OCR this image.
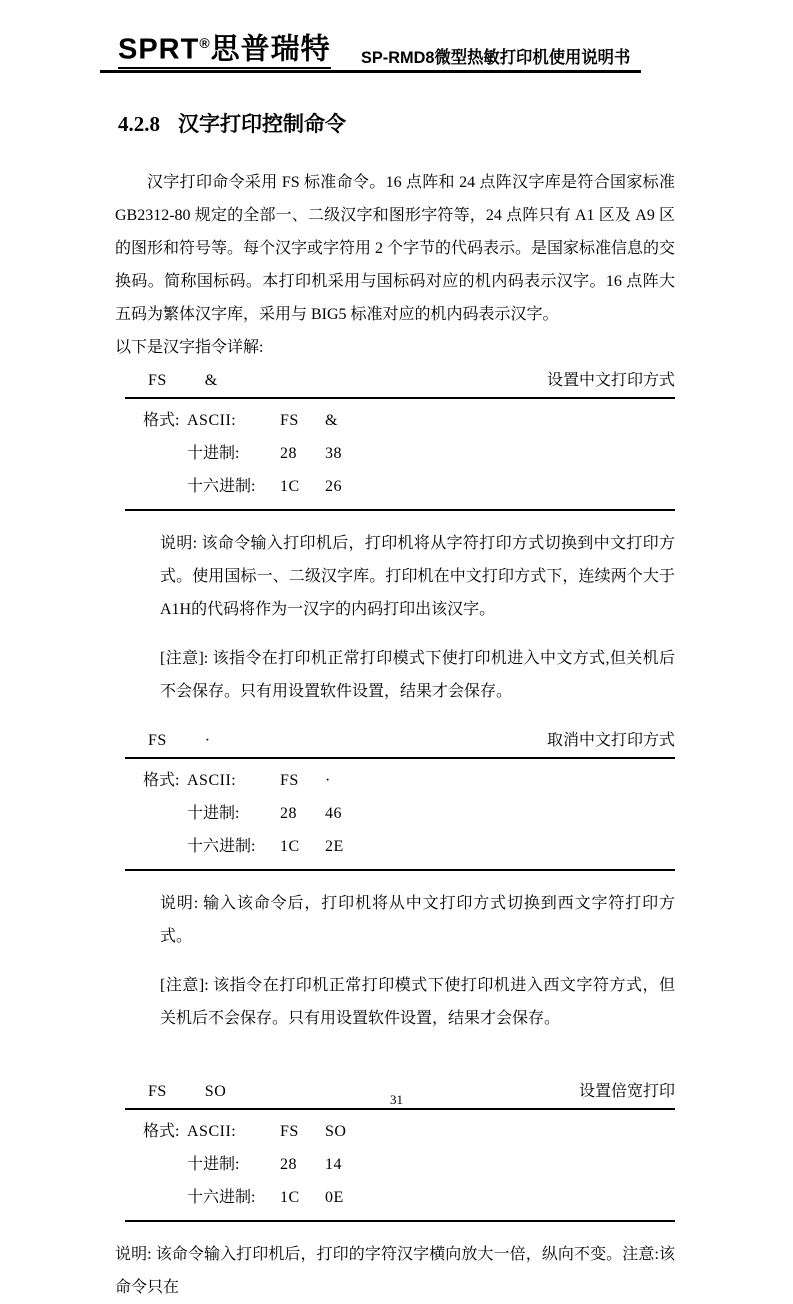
SPRT®思普瑞特 SP-RMD8微型热敏打印机使用说明书
4.2.8 汉字打印控制命令

汉字打印命令采用 FS 标准命令。16 点阵和 24 点阵汉字库是符合国家标准 GB2312-80 规定的全部一、二级汉字和图形字符等，24 点阵只有 A1 区及 A9 区的图形和符号等。每个汉字或字符用 2 个字节的代码表示。是国家标准信息的交换码。简称国标码。本打印机采用与国标码对应的机内码表示汉字。16 点阵大五码为繁体汉字库，采用与 BIG5 标准对应的机内码表示汉字。

以下是汉字指令详解:

FS &	设置中文打印方式
格式: ASCII:	FS	&
十进制:	28	38
十六进制:	1C	26

说明: 该命令输入打印机后，打印机将从字符打印方式切换到中文打印方式。使用国标一、二级汉字库。打印机在中文打印方式下，连续两个大于A1H的代码将作为一汉字的内码打印出该汉字。

[注意]: 该指令在打印机正常打印模式下使打印机进入中文方式,但关机后不会保存。只有用设置软件设置，结果才会保存。

FS ·	取消中文打印方式
格式: ASCII:	FS	·
十进制:	28	46
十六进制:	1C	2E

说明: 输入该命令后，打印机将从中文打印方式切换到西文字符打印方式。

[注意]: 该指令在打印机正常打印模式下使打印机进入西文字符方式，但关机后不会保存。只有用设置软件设置，结果才会保存。

FS SO	设置倍宽打印
格式: ASCII:	FS	SO
十进制:	28	14
十六进制:	1C	0E

说明: 该命令输入打印机后，打印的字符汉字横向放大一倍，纵向不变。注意:该命令只在

31
